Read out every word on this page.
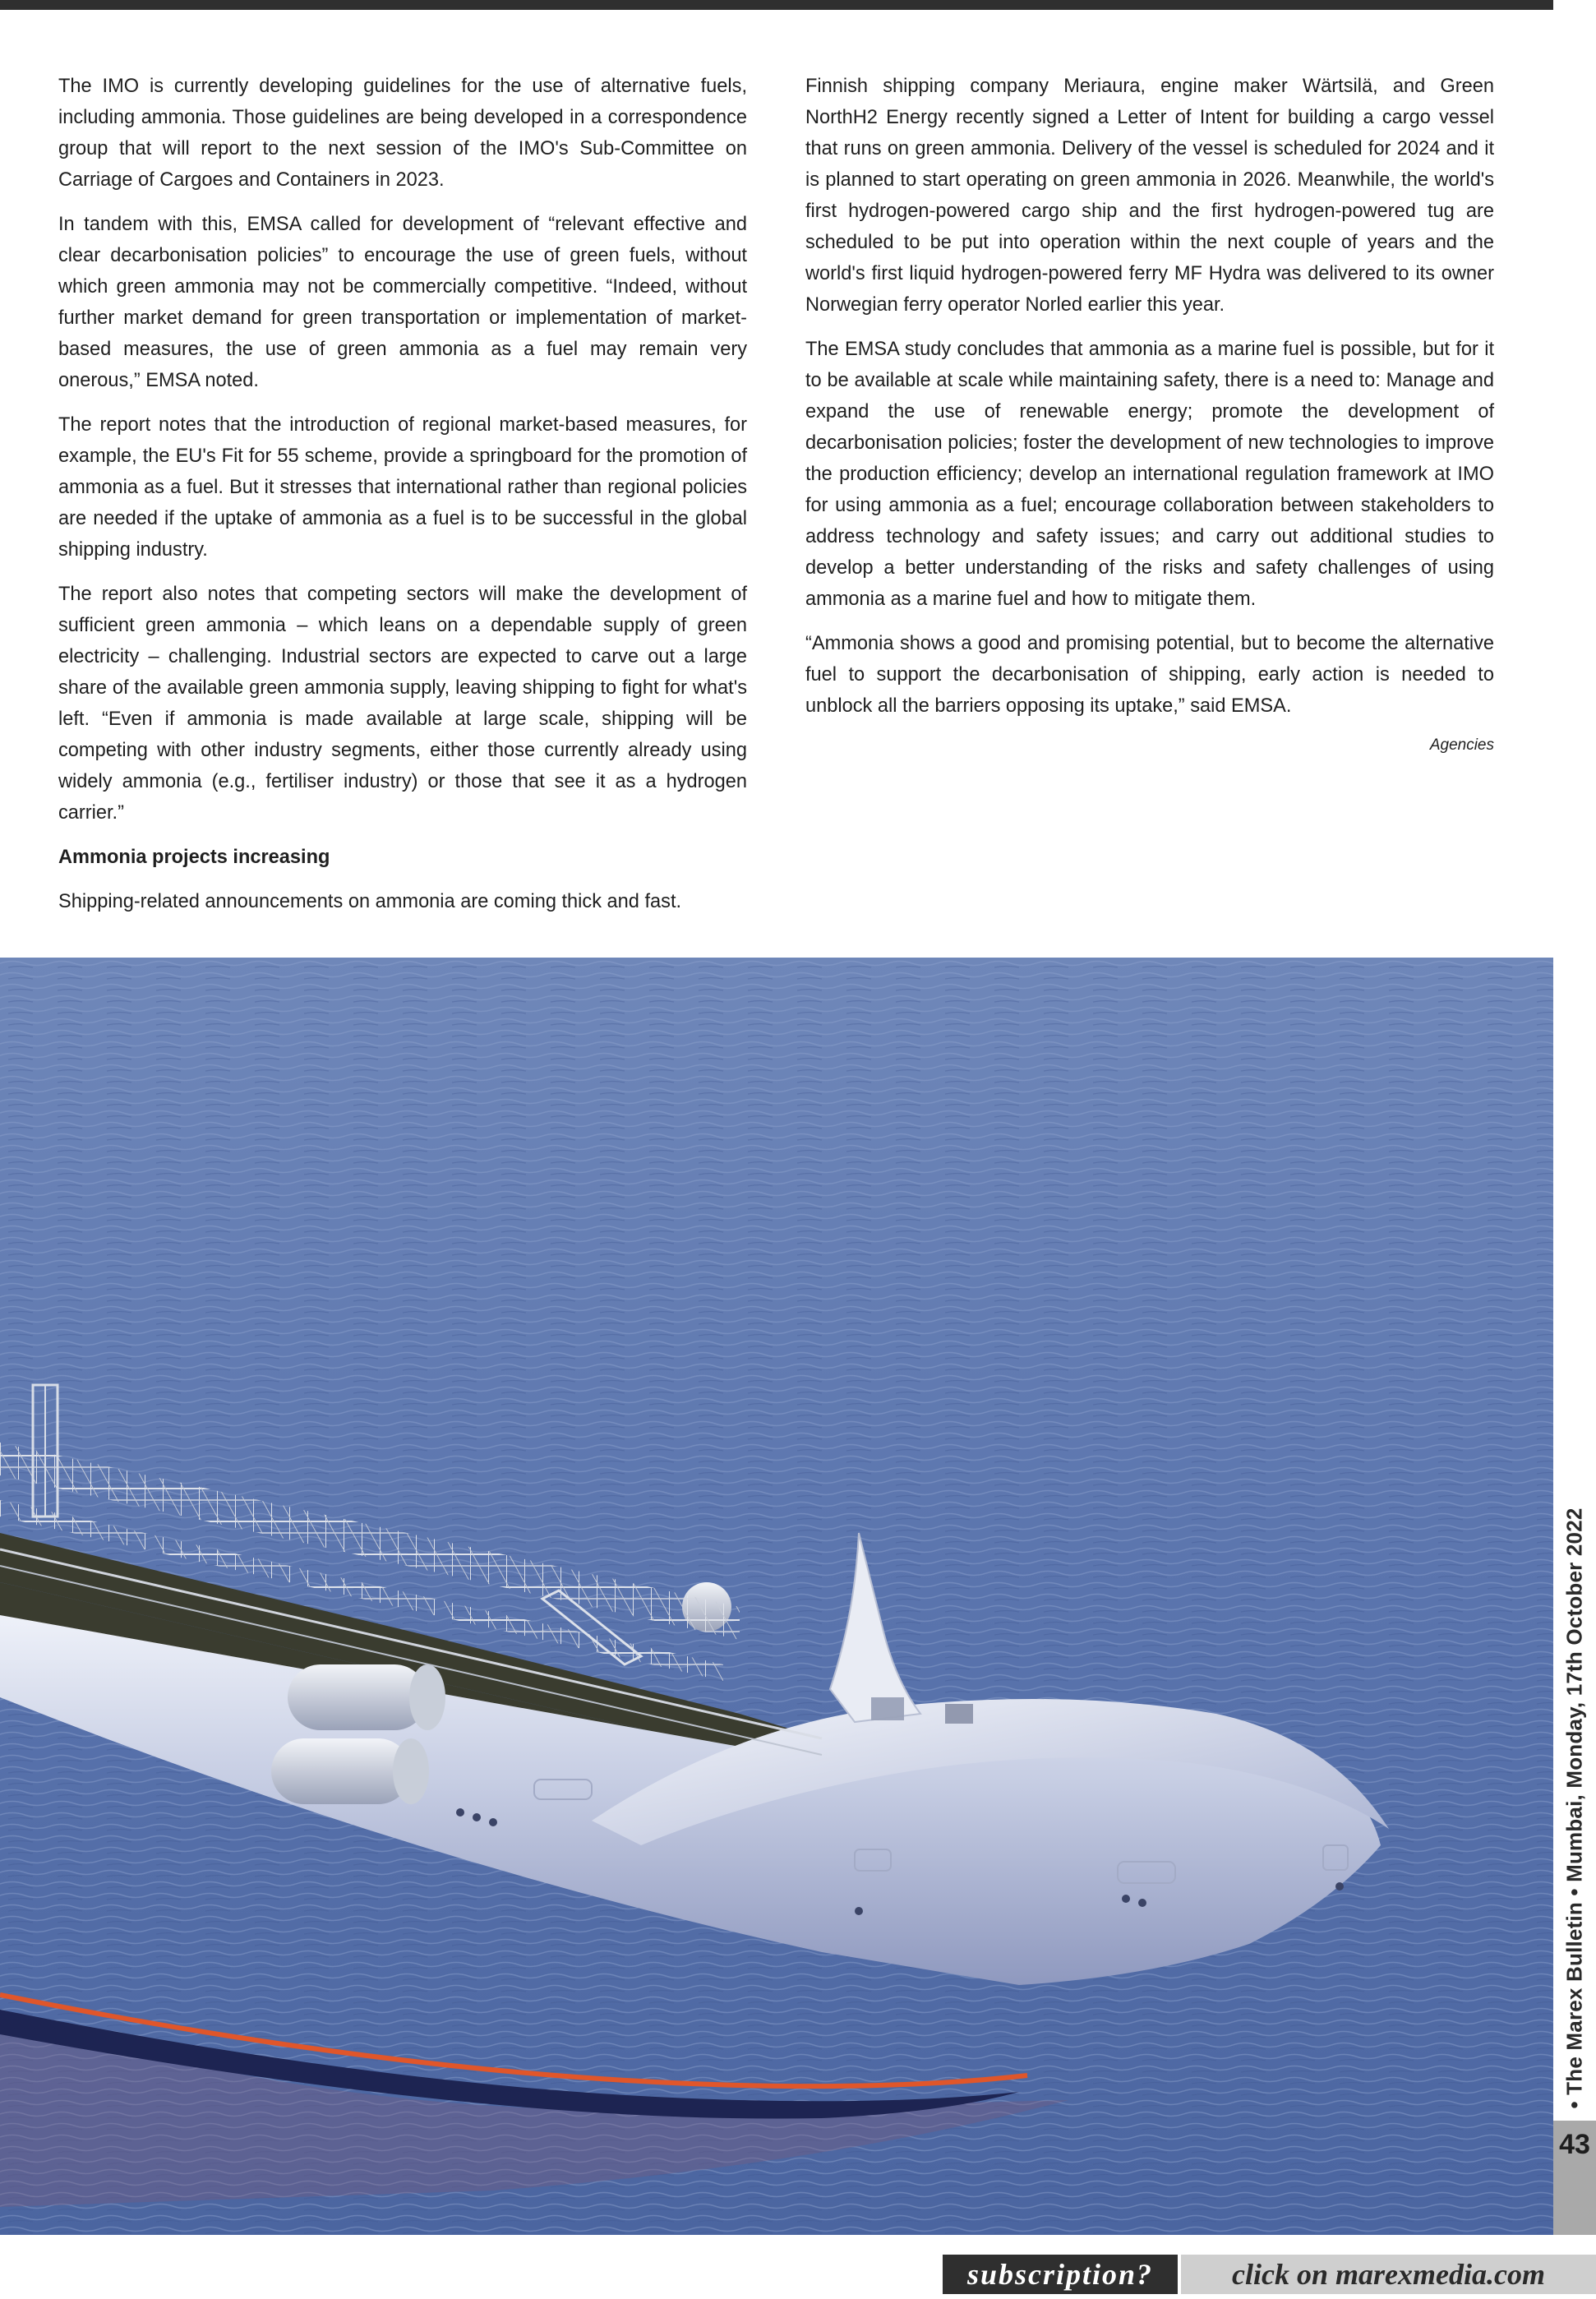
The IMO is currently developing guidelines for the use of alternative fuels, including ammonia. Those guidelines are being developed in a correspondence group that will report to the next session of the IMO's Sub-Committee on Carriage of Cargoes and Containers in 2023.

In tandem with this, EMSA called for development of “relevant effective and clear decarbonisation policies” to encourage the use of green fuels, without which green ammonia may not be commercially competitive. “Indeed, without further market demand for green transportation or implementation of market-based measures, the use of green ammonia as a fuel may remain very onerous,” EMSA noted.

The report notes that the introduction of regional market-based measures, for example, the EU's Fit for 55 scheme, provide a springboard for the promotion of ammonia as a fuel. But it stresses that international rather than regional policies are needed if the uptake of ammonia as a fuel is to be successful in the global shipping industry.

The report also notes that competing sectors will make the development of sufficient green ammonia – which leans on a dependable supply of green electricity – challenging. Industrial sectors are expected to carve out a large share of the available green ammonia supply, leaving shipping to fight for what's left. “Even if ammonia is made available at large scale, shipping will be competing with other industry segments, either those currently already using widely ammonia (e.g., fertiliser industry) or those that see it as a hydrogen carrier.”

Ammonia projects increasing

Shipping-related announcements on ammonia are coming thick and fast.

Finnish shipping company Meriaura, engine maker Wärtsilä, and Green NorthH2 Energy recently signed a Letter of Intent for building a cargo vessel that runs on green ammonia. Delivery of the vessel is scheduled for 2024 and it is planned to start operating on green ammonia in 2026. Meanwhile, the world's first hydrogen-powered cargo ship and the first hydrogen-powered tug are scheduled to be put into operation within the next couple of years and the world's first liquid hydrogen-powered ferry MF Hydra was delivered to its owner Norwegian ferry operator Norled earlier this year.

The EMSA study concludes that ammonia as a marine fuel is possible, but for it to be available at scale while maintaining safety, there is a need to: Manage and expand the use of renewable energy; promote the development of decarbonisation policies; foster the development of new technologies to improve the production efficiency; develop an international regulation framework at IMO for using ammonia as a fuel; encourage collaboration between stakeholders to address technology and safety issues; and carry out additional studies to develop a better understanding of the risks and safety challenges of using ammonia as a marine fuel and how to mitigate them.

“Ammonia shows a good and promising potential, but to become the alternative fuel to support the decarbonisation of shipping, early action is needed to unblock all the barriers opposing its uptake,” said EMSA.

Agencies
• The Marex Bulletin • Mumbai, Monday, 17th October 2022
43
subscription?	click on marexmedia.com
